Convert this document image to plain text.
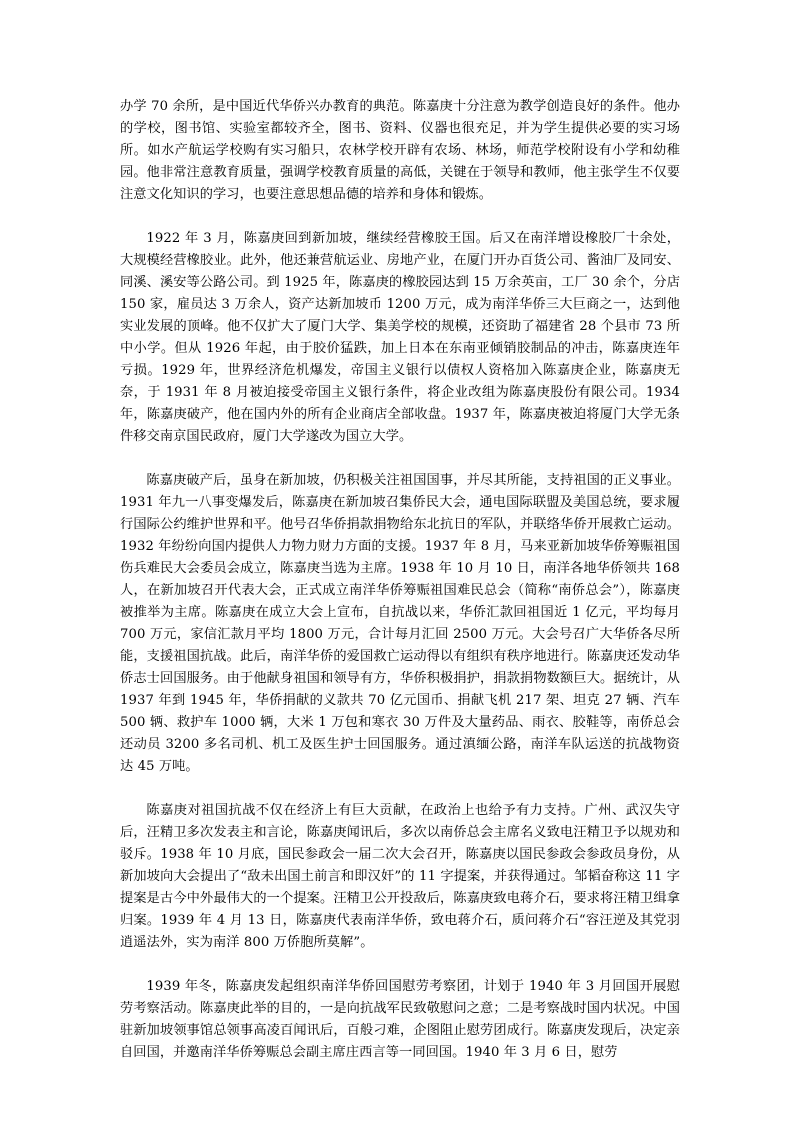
办学 70 余所，是中国近代华侨兴办教育的典范。陈嘉庚十分注意为教学创造良好的条件。他办的学校，图书馆、实验室都较齐全，图书、资料、仪器也很充足，并为学生提供必要的实习场所。如水产航运学校购有实习船只，农林学校开辟有农场、林场，师范学校附设有小学和幼稚园。他非常注意教育质量，强调学校教育质量的高低，关键在于领导和教师，他主张学生不仅要注意文化知识的学习，也要注意思想品德的培养和身体和锻炼。

1922 年 3 月，陈嘉庚回到新加坡，继续经营橡胶王国。后又在南洋增设橡胶厂十余处，大规模经营橡胶业。此外，他还兼营航运业、房地产业，在厦门开办百货公司、酱油厂及同安、同溪、溪安等公路公司。到 1925 年，陈嘉庚的橡胶园达到 15 万余英亩，工厂 30 余个，分店 150 家，雇员达 3 万余人，资产达新加坡币 1200 万元，成为南洋华侨三大巨商之一，达到他实业发展的顶峰。他不仅扩大了厦门大学、集美学校的规模，还资助了福建省 28 个县市 73 所中小学。但从 1926 年起，由于胶价猛跌，加上日本在东南亚倾销胶制品的冲击，陈嘉庚连年亏损。1929 年，世界经济危机爆发，帝国主义银行以债权人资格加入陈嘉庚企业，陈嘉庚无奈，于 1931 年 8 月被迫接受帝国主义银行条件，将企业改组为陈嘉庚股份有限公司。1934 年，陈嘉庚破产，他在国内外的所有企业商店全部收盘。1937 年，陈嘉庚被迫将厦门大学无条件移交南京国民政府，厦门大学遂改为国立大学。

陈嘉庚破产后，虽身在新加坡，仍积极关注祖国国事，并尽其所能，支持祖国的正义事业。1931 年九一八事变爆发后，陈嘉庚在新加坡召集侨民大会，通电国际联盟及美国总统，要求履行国际公约维护世界和平。他号召华侨捐款捐物给东北抗日的军队，并联络华侨开展救亡运动。1932 年纷纷向国内提供人力物力财力方面的支援。1937 年 8 月，马来亚新加坡华侨筹赈祖国伤兵难民大会委员会成立，陈嘉庚当选为主席。1938 年 10 月 10 日，南洋各地华侨领共 168 人，在新加坡召开代表大会，正式成立南洋华侨筹赈祖国难民总会（简称“南侨总会”），陈嘉庚被推举为主席。陈嘉庚在成立大会上宣布，自抗战以来，华侨汇款回祖国近 1 亿元，平均每月 700 万元，家信汇款月平均 1800 万元，合计每月汇回 2500 万元。大会号召广大华侨各尽所能，支援祖国抗战。此后，南洋华侨的爱国救亡运动得以有组织有秩序地进行。陈嘉庚还发动华侨志士回国服务。由于他献身祖国和领导有方，华侨积极捐护，捐款捐物数额巨大。据统计，从 1937 年到 1945 年，华侨捐献的义款共 70 亿元国币、捐献飞机 217 架、坦克 27 辆、汽车 500 辆、救护车 1000 辆，大米 1 万包和寒衣 30 万件及大量药品、雨衣、胶鞋等，南侨总会还动员 3200 多名司机、机工及医生护士回国服务。通过滇缅公路，南洋车队运送的抗战物资达 45 万吨。

陈嘉庚对祖国抗战不仅在经济上有巨大贡献，在政治上也给予有力支持。广州、武汉失守后，汪精卫多次发表主和言论，陈嘉庚闻讯后，多次以南侨总会主席名义致电汪精卫予以规劝和驳斥。1938 年 10 月底，国民参政会一届二次大会召开，陈嘉庚以国民参政会参政员身份，从新加坡向大会提出了“敌未出国土前言和即汉奸”的 11 字提案，并获得通过。邹韬奋称这 11 字提案是古今中外最伟大的一个提案。汪精卫公开投敌后，陈嘉庚致电蒋介石，要求将汪精卫缉拿归案。1939 年 4 月 13 日，陈嘉庚代表南洋华侨，致电蒋介石，质问蒋介石“容汪逆及其党羽逍遥法外，实为南洋 800 万侨胞所莫解”。

1939 年冬，陈嘉庚发起组织南洋华侨回国慰劳考察团，计划于 1940 年 3 月回国开展慰劳考察活动。陈嘉庚此举的目的，一是向抗战军民致敬慰问之意；二是考察战时国内状况。中国驻新加坡领事馆总领事高凌百闻讯后，百般刁难，企图阻止慰劳团成行。陈嘉庚发现后，决定亲自回国，并邀南洋华侨筹赈总会副主席庄西言等一同回国。1940 年 3 月 6 日，慰劳
